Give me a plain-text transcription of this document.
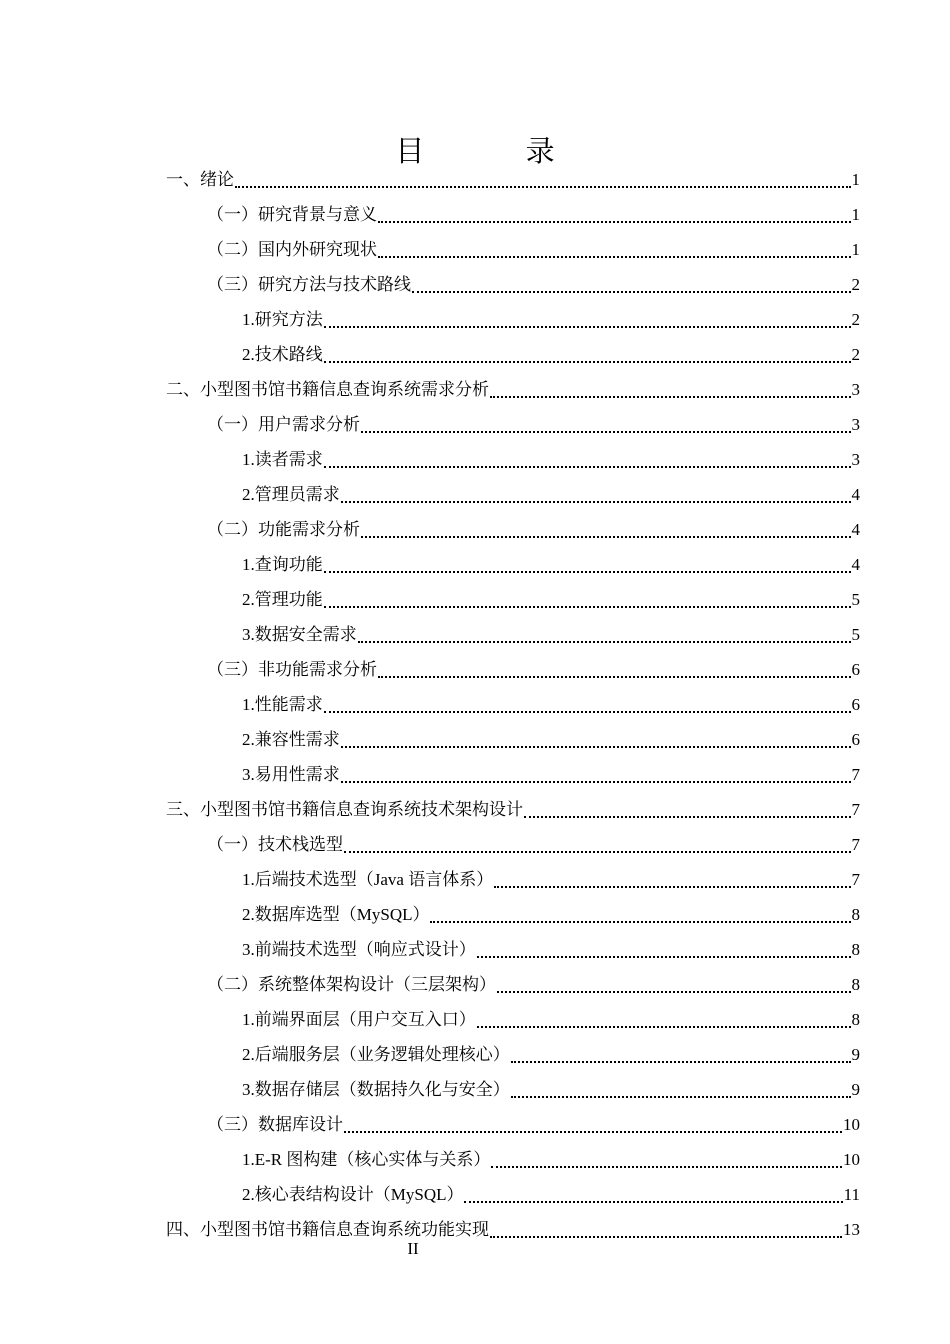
目 录
一、绪论	1
（一）研究背景与意义	1
（二）国内外研究现状	1
（三）研究方法与技术路线	2
1.研究方法	2
2.技术路线	2
二、小型图书馆书籍信息查询系统需求分析	3
（一）用户需求分析	3
1.读者需求	3
2.管理员需求	4
（二）功能需求分析	4
1.查询功能	4
2.管理功能	5
3.数据安全需求	5
（三）非功能需求分析	6
1.性能需求	6
2.兼容性需求	6
3.易用性需求	7
三、小型图书馆书籍信息查询系统技术架构设计	7
（一）技术栈选型	7
1.后端技术选型（Java 语言体系）	7
2.数据库选型（MySQL）	8
3.前端技术选型（响应式设计）	8
（二）系统整体架构设计（三层架构）	8
1.前端界面层（用户交互入口）	8
2.后端服务层（业务逻辑处理核心）	9
3.数据存储层（数据持久化与安全）	9
（三）数据库设计	10
1.E-R 图构建（核心实体与关系）	10
2.核心表结构设计（MySQL）	11
四、小型图书馆书籍信息查询系统功能实现	13
II
